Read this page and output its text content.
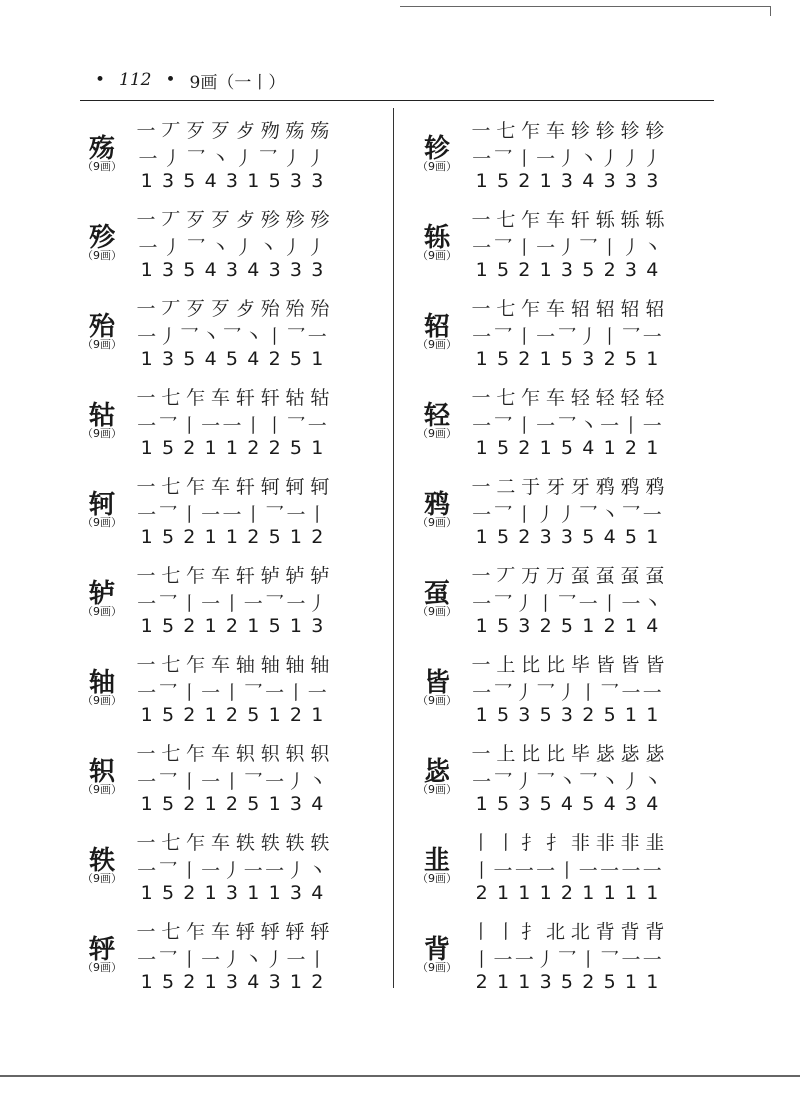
• 112 • 9画（一丨）
殇
（9画）
一 丆 歹 歹 歺 歾 殇 殇
一 丿 乛 丶 丿 乛 丿 丿
1 3 5 4 3 1 5 3 3
殄
（9画）
一 丆 歹 歹 歺 殄 殄 殄
一 丿 乛 丶 丿 丶 丿 丿
1 3 5 4 3 4 3 3 3
殆
（9画）
一 丆 歹 歹 歺 殆 殆 殆
一 丿 乛 丶 乛 丶 丨 乛 一
1 3 5 4 5 4 2 5 1
轱
（9画）
一 七 乍 车 轩 轩 轱 轱
一 乛 丨 一 一 丨 丨 乛 一
1 5 2 1 1 2 2 5 1
轲
（9画）
一 七 乍 车 轩 轲 轲 轲
一 乛 丨 一 一 丨 乛 一 丨
1 5 2 1 1 2 5 1 2
轳
（9画）
一 七 乍 车 轩 轳 轳 轳
一 乛 丨 一 丨 一 乛 一 丿
1 5 2 1 2 1 5 1 3
轴
（9画）
一 七 乍 车 轴 轴 轴 轴
一 乛 丨 一 丨 乛 一 丨 一
1 5 2 1 2 5 1 2 1
轵
（9画）
一 七 乍 车 轵 轵 轵 轵
一 乛 丨 一 丨 乛 一 丿 丶
1 5 2 1 2 5 1 3 4
轶
（9画）
一 七 乍 车 轶 轶 轶 轶
一 乛 丨 一 丿 一 一 丿 丶
1 5 2 1 3 1 1 3 4
轷
（9画）
一 七 乍 车 轷 轷 轷 轷
一 乛 丨 一 丿 丶 丿 一 丨
1 5 2 1 3 4 3 1 2
轸
（9画）
一 七 乍 车 轸 轸 轸 轸
一 乛 丨 一 丿 丶 丿 丿 丿
1 5 2 1 3 4 3 3 3
轹
（9画）
一 七 乍 车 轩 轹 轹 轹
一 乛 丨 一 丿 乛 丨 丿 丶
1 5 2 1 3 5 2 3 4
轺
（9画）
一 七 乍 车 轺 轺 轺 轺
一 乛 丨 一 乛 丿 丨 乛 一
1 5 2 1 5 3 2 5 1
轻
（9画）
一 七 乍 车 轻 轻 轻 轻
一 乛 丨 一 乛 丶 一 丨 一
1 5 2 1 5 4 1 2 1
鸦
（9画）
一 二 于 牙 牙 鸦 鸦 鸦
一 乛 丨 丿 丿 乛 丶 乛 一
1 5 2 3 3 5 4 5 1
虿
（9画）
一 丆 万 万 虿 虿 虿 虿
一 乛 丿 丨 乛 一 丨 一 丶
1 5 3 2 5 1 2 1 4
皆
（9画）
一 上 比 比 毕 皆 皆 皆
一 乛 丿 乛 丿 丨 乛 一 一
1 5 3 5 3 2 5 1 1
毖
（9画）
一 上 比 比 毕 毖 毖 毖
一 乛 丿 乛 丶 乛 丶 丿 丶
1 5 3 5 4 5 4 3 4
韭
（9画）
丨 丨 扌 扌 非 非 非 韭
丨 一 一 一 丨 一 一 一 一
2 1 1 1 2 1 1 1 1
背
（9画）
丨 丨 扌 北 北 背 背 背
丨 一 一 丿 乛 丨 乛 一 一
2 1 1 3 5 2 5 1 1
